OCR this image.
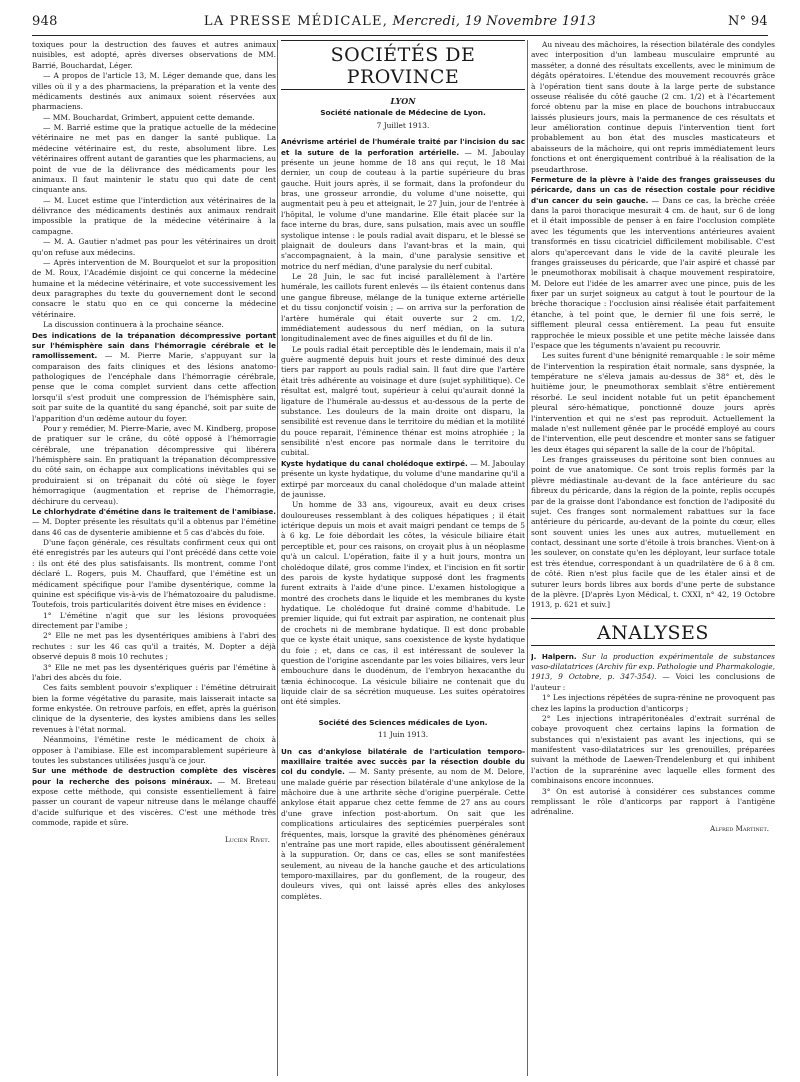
948	LA PRESSE MÉDICALE, Mercredi, 19 Novembre 1913	N° 94

toxiques pour la destruction des fauves et autres animaux nuisibles, est adopté, après diverses observations de MM. Barrié, Bouchardat, Léger.

— A propos de l'article 13, M. Léger demande que, dans les villes où il y a des pharmaciens, la préparation et la vente des médicaments destinés aux animaux soient réservées aux pharmaciens.

— MM. Bouchardat, Grimbert, appuient cette demande.

— M. Barrié estime que la pratique actuelle de la médecine vétérinaire ne met pas en danger la santé publique. La médecine vétérinaire est, du reste, absolument libre. Les vétérinaires offrent autant de garanties que les pharmaciens, au point de vue de la délivrance des médicaments pour les animaux. Il faut maintenir le statu quo qui date de cent cinquante ans.

— M. Lucet estime que l'interdiction aux vétérinaires de la délivrance des médicaments destinés aux animaux rendrait impossible la pratique de la médecine vétérinaire à la campagne.

— M. A. Gautier n'admet pas pour les vétérinaires un droit qu'on refuse aux médecins.

— Après intervention de M. Bourquelot et sur la proposition de M. Roux, l'Académie disjoint ce qui concerne la médecine humaine et la médecine vétérinaire, et vote successivement les deux paragraphes du texte du gouvernement dont le second consacre le statu quo en ce qui concerne la médecine vétérinaire.

La discussion continuera à la prochaine séance.

Des indications de la trépanation décompressive portant sur l'hémisphère sain dans l'hémorragie cérébrale et le ramollissement. — M. Pierre Marie, s'appuyant sur la comparaison des faits cliniques et des lésions anatomo-pathologiques de l'encéphale dans l'hémorragie cérébrale, pense que le coma complet survient dans cette affection lorsqu'il s'est produit une compression de l'hémisphère sain, soit par suite de la quantité du sang épanché, soit par suite de l'apparition d'un œdème autour du foyer.

Pour y remédier, M. Pierre-Marie, avec M. Kindberg, propose de pratiquer sur le crâne, du côté opposé à l'hémorragie cérébrale, une trépanation décompressive qui libérera l'hémisphère sain. En pratiquant la trépanation décompressive du côté sain, on échappe aux complications inévitables qui se produiraient si on trépanait du côté où siège le foyer hémorragique (augmentation et reprise de l'hémorragie, déchirure du cerveau).

Le chlorhydrate d'émétine dans le traitement de l'amibiase. — M. Dopter présente les résultats qu'il a obtenus par l'émétine dans 46 cas de dysenterie amibienne et 5 cas d'abcès du foie.

D'une façon générale, ces résultats confirment ceux qui ont été enregistrés par les auteurs qui l'ont précédé dans cette voie : ils ont été des plus satisfaisants. Ils montrent, comme l'ont déclaré L. Rogers, puis M. Chauffard, que l'émétine est un médicament spécifique pour l'amibe dysentérique, comme la quinine est spécifique vis-à-vis de l'hématozoaire du paludisme. Toutefois, trois particularités doivent être mises en évidence :

1° L'émétine n'agit que sur les lésions provoquées directement par l'amibe ;

2° Elle ne met pas les dysentériques amibiens à l'abri des rechutes : sur les 46 cas qu'il a traités, M. Dopter a déjà observé depuis 8 mois 10 rechutes ;

3° Elle ne met pas les dysentériques guéris par l'émétine à l'abri des abcès du foie.

Ces faits semblent pouvoir s'expliquer : l'émétine détruirait bien la forme végétative du parasite, mais laisserait intacte sa forme enkystée. On retrouve parfois, en effet, après la guérison clinique de la dysenterie, des kystes amibiens dans les selles revenues à l'état normal.

Néanmoins, l'émétine reste le médicament de choix à opposer à l'amibiase. Elle est incomparablement supérieure à toutes les substances utilisées jusqu'à ce jour.

Sur une méthode de destruction complète des viscères pour la recherche des poisons minéraux. — M. Breteau expose cette méthode, qui consiste essentiellement à faire passer un courant de vapeur nitreuse dans le mélange chauffé d'acide sulfurique et des viscères. C'est une méthode très commode, rapide et sûre.

Lucien Rivet.

SOCIÉTÉS DE PROVINCE
LYON
Société nationale de Médecine de Lyon.
7 Juillet 1913.

Anévrisme artériel de l'humérale traité par l'incision du sac et la suture de la perforation artérielle. — M. Jaboulay présente un jeune homme de 18 ans qui reçut, le 18 Mai dernier, un coup de couteau à la partie supérieure du bras gauche. Huit jours après, il se formait, dans la profondeur du bras, une grosseur arrondie, du volume d'une noisette, qui augmentait peu à peu et atteignait, le 27 Juin, jour de l'entrée à l'hôpital, le volume d'une mandarine. Elle était placée sur la face interne du bras, dure, sans pulsation, mais avec un souffle systolique intense : le pouls radial avait disparu, et le blessé se plaignait de douleurs dans l'avant-bras et la main, qui s'accompagnaient, à la main, d'une paralysie sensitive et motrice du nerf médian, d'une paralysie du nerf cubital.

Le 28 Juin, le sac fut incisé parallèlement à l'artère humérale, les caillots furent enlevés — ils étaient contenus dans une gangue fibreuse, mélange de la tunique externe artérielle et du tissu conjonctif voisin ; — on arriva sur la perforation de l'artère humérale qui était ouverte sur 2 cm. 1/2, immédiatement audessous du nerf médian, on la sutura longitudinalement avec de fines aiguilles et du fil de lin.

Le pouls radial était perceptible dès le lendemain, mais il n'a guère augmenté depuis huit jours et reste diminué des deux tiers par rapport au pouls radial sain. Il faut dire que l'artère était très adhérente au voisinage et dure (sujet syphilitique). Ce résultat est, malgré tout, supérieur à celui qu'aurait donné la ligature de l'humérale au-dessus et au-dessous de la perte de substance. Les douleurs de la main droite ont disparu, la sensibilité est revenue dans le territoire du médian et la motilité du pouce reparait, l'éminence thénar est moins atrophiée ; la sensibilité n'est encore pas normale dans le territoire du cubital.

Kyste hydatique du canal cholédoque extirpé. — M. Jaboulay présente un kyste hydatique, du volume d'une mandarine qu'il a extirpé par morceaux du canal cholédoque d'un malade atteint de jaunisse.

Un homme de 33 ans, vigoureux, avait eu deux crises douloureuses ressemblant à des coliques hépatiques ; il était ictérique depuis un mois et avait maigri pendant ce temps de 5 à 6 kg. Le foie débordait les côtes, la vésicule biliaire était perceptible et, pour ces raisons, on croyait plus à un néoplasme qu'à un calcul. L'opération, faite il y a huit jours, montra un cholédoque dilaté, gros comme l'index, et l'incision en fit sortir des parois de kyste hydatique supposé dont les fragments furent extraits à l'aide d'une pince. L'examen histologique a montré des crochets dans le liquide et les membranes du kyste hydatique. Le cholédoque fut drainé comme d'habitude. Le premier liquide, qui fut extrait par aspiration, ne contenait plus de crochets ni de membrane hydatique. Il est donc probable que ce kyste était unique, sans coexistence de kyste hydatique du foie ; et, dans ce cas, il est intéressant de soulever la question de l'origine ascendante par les voies biliaires, vers leur embouchure dans le duodénum, de l'embryon hexacanthe du tænia échinocoque. La vésicule biliaire ne contenait que du liquide clair de sa sécrétion muqueuse. Les suites opératoires ont été simples.

Société des Sciences médicales de Lyon.
11 Juin 1913.

Un cas d'ankylose bilatérale de l'articulation temporo-maxillaire traitée avec succès par la résection double du col du condyle. — M. Santy présente, au nom de M. Delore, une malade guérie par résection bilatérale d'une ankylose de la mâchoire due à une arthrite sèche d'origine puerpérale. Cette ankylose était apparue chez cette femme de 27 ans au cours d'une grave infection post-abortum. On sait que les complications articulaires des septicémies puerpérales sont fréquentes, mais, lorsque la gravité des phénomènes généraux n'entraîne pas une mort rapide, elles aboutissent généralement à la suppuration. Or, dans ce cas, elles se sont manifestées seulement, au niveau de la hanche gauche et des articulations temporo-maxillaires, par du gonflement, de la rougeur, des douleurs vives, qui ont laissé après elles des ankyloses complètes.

Au niveau des mâchoires, la résection bilatérale des condyles avec interposition d'un lambeau musculaire emprunté au masséter, a donné des résultats excellents, avec le minimum de dégâts opératoires. L'étendue des mouvement recouvrés grâce à l'opération tient sans doute à la large perte de substance osseuse réalisée du côté gauche (2 cm. 1/2) et à l'écartement forcé obtenu par la mise en place de bouchons intrabuccaux laissés plusieurs jours, mais la permanence de ces résultats et leur amélioration continue depuis l'intervention tient fort probablement au bon état des muscles masticateurs et abaisseurs de la mâchoire, qui ont repris immédiatement leurs fonctions et ont énergiquement contribué à la réalisation de la pseudarthrose.

Fermeture de la plèvre à l'aide des franges graisseuses du péricarde, dans un cas de résection costale pour récidive d'un cancer du sein gauche. — Dans ce cas, la brèche créée dans la paroi thoracique mesurait 4 cm. de haut, sur 6 de long et il était impossible de penser à en faire l'occlusion complète avec les téguments que les interventions antérieures avaient transformés en tissu cicatriciel difficilement mobilisable. C'est alors qu'apercevant dans le vide de la cavité pleurale les franges graisseuses du péricarde, que l'air aspiré et chassé par le pneumothorax mobilisait à chaque mouvement respiratoire, M. Delore eut l'idée de les amarrer avec une pince, puis de les fixer par un surjet soigneux au catgut à tout le pourtour de la brèche thoracique : l'occlusion ainsi réalisée était parfaitement étanche, à tel point que, le dernier fil une fois serré, le sifflement pleural cessa entièrement. La peau fut ensuite rapprochée le mieux possible et une petite mèche laissée dans l'espace que les téguments n'avaient pu recouvrir.

Les suites furent d'une bénignité remarquable : le soir même de l'intervention la respiration était normale, sans dyspnée, la température ne s'éleva jamais au-dessus de 38° et, dès le huitième jour, le pneumothorax semblait s'être entièrement résorbé. Le seul incident notable fut un petit épanchement pleural séro-hématique, ponctionné douze jours après l'intervention et qui ne s'est pas reproduit. Actuellement la malade n'est nullement gênée par le procédé employé au cours de l'intervention, elle peut descendre et monter sans se fatiguer les deux étages qui séparent la salle de la cour de l'hôpital.

Les franges graisseuses du péritoine sont bien connues au point de vue anatomique. Ce sont trois replis formés par la plèvre médiastinale au-devant de la face antérieure du sac fibreux du péricarde, dans la région de la pointe, replis occupés par de la graisse dont l'abondance est fonction de l'adiposité du sujet. Ces franges sont normalement rabattues sur la face antérieure du péricarde, au-devant de la pointe du cœur, elles sont souvent unies les unes aux autres, mutuellement en contact, dessinant une sorte d'étoile à trois branches. Vient-on à les soulever, on constate qu'en les déployant, leur surface totale est très étendue, correspondant à un quadrilatère de 6 à 8 cm. de côté. Rien n'est plus facile que de les étaler ainsi et de suturer leurs bords libres aux bords d'une perte de substance de la plèvre. [D'après Lyon Médical, t. CXXI, n° 42, 19 Octobre 1913, p. 621 et suiv.]

ANALYSES

J. Halpern. Sur la production expérimentale de substances vaso-dilatatrices (Archiv für exp. Pathologie und Pharmakologie, 1913, 9 Octobre, p. 347-354). — Voici les conclusions de l'auteur :

1° Les injections répétées de supra-rénine ne provoquent pas chez les lapins la production d'anticorps ;

2° Les injections intrapéritonéales d'extrait surrénal de cobaye provoquent chez certains lapins la formation de substances qui n'existaient pas avant les injections, qui se manifestent vaso-dilatatrices sur les grenouilles, préparées suivant la méthode de Laewen-Trendelenburg et qui inhibent l'action de la suprarénine avec laquelle elles forment des combinaisons encore inconnues.

3° On est autorisé à considérer ces substances comme remplissant le rôle d'anticorps par rapport à l'antigène adrénaline.

Alfred Martinet.
